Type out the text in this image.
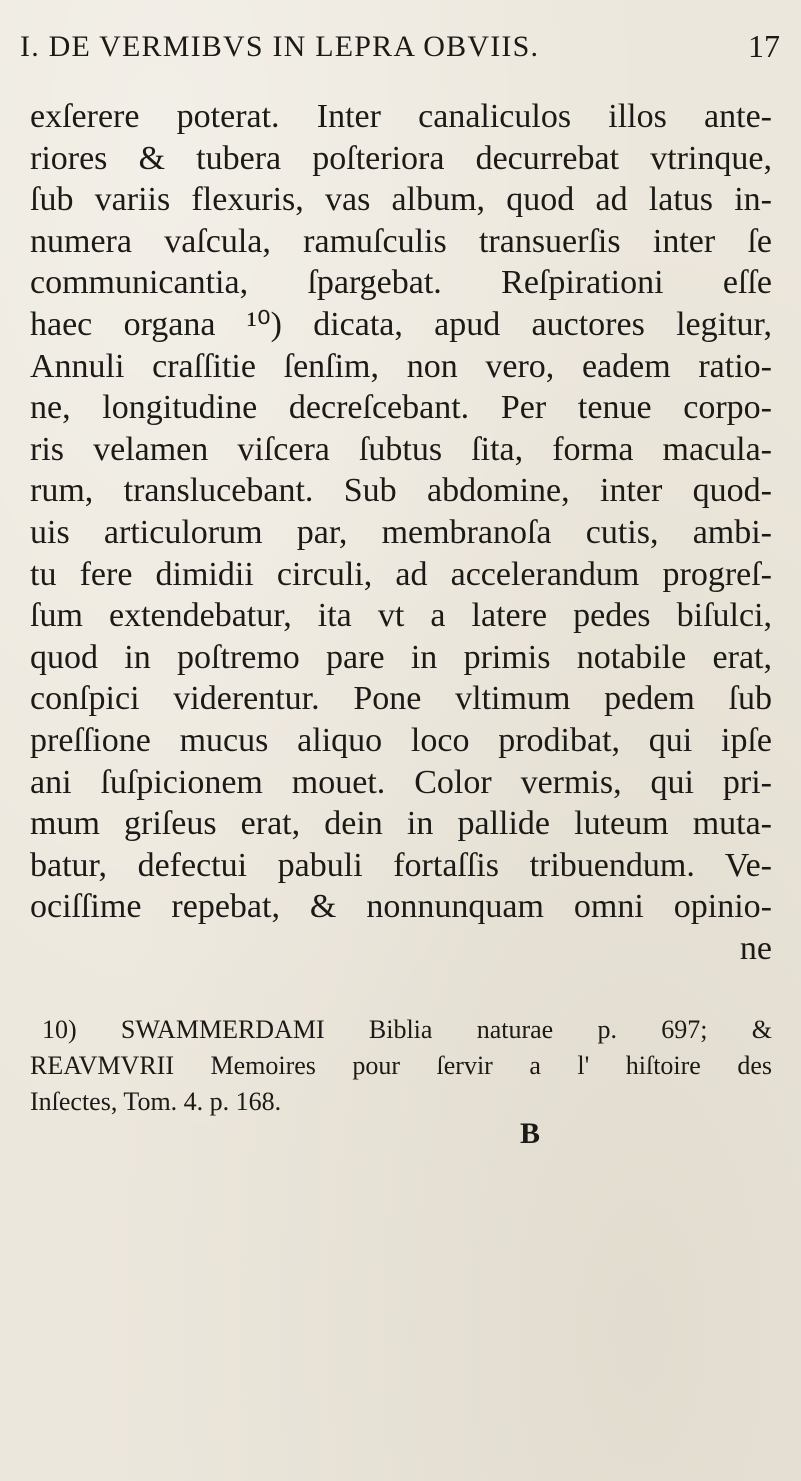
I. DE VERMIBVS IN LEPRA OBVIIS.	17
exſerere poterat. Inter canaliculos illos ante-
riores & tubera poſteriora decurrebat vtrinque,
ſub variis flexuris, vas album, quod ad latus in-
numera vaſcula, ramuſculis transuerſis inter ſe
communicantia, ſpargebat. Reſpirationi eſſe
haec organa ¹⁰) dicata, apud auctores legitur,
Annuli craſſitie ſenſim, non vero, eadem ratio-
ne, longitudine decreſcebant. Per tenue corpo-
ris velamen viſcera ſubtus ſita, forma macula-
rum, translucebant. Sub abdomine, inter quod-
uis articulorum par, membranoſa cutis, ambi-
tu fere dimidii circuli, ad accelerandum progreſ-
ſum extendebatur, ita vt a latere pedes biſulci,
quod in poſtremo pare in primis notabile erat,
conſpici viderentur. Pone vltimum pedem ſub
preſſione mucus aliquo loco prodibat, qui ipſe
ani ſuſpicionem mouet. Color vermis, qui pri-
mum griſeus erat, dein in pallide luteum muta-
batur, defectui pabuli fortaſſis tribuendum. Ve-
ociſſime repebat, & nonnunquam omni opinio-
ne
10) SWAMMERDAMI Biblia naturae p. 697; &
REAVMVRII Memoires pour ſervir a l' hiſtoire des
Inſectes, Tom. 4. p. 168.
B
